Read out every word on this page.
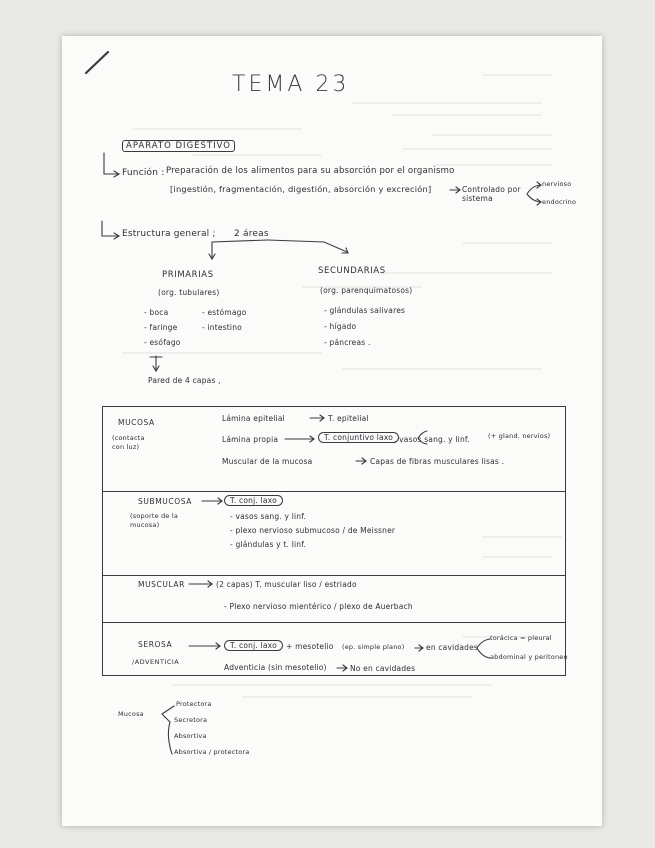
TEMA 23
APARATO DIGESTIVO
Función : Preparación de los alimentos para su absorción por el organismo
[ingestión, fragmentación, digestión, absorción y excreción]	Controlado por sistema
nervioso
endocrino
Estructura general ; 2 áreas
PRIMARIAS
(org. tubulares)
- boca
- faringe
- esófago
- estómago
- intestino
SECUNDARIAS
(org. parenquimatosos)
- glándulas salivares
- hígado
- páncreas .
Pared de 4 capas ,
MUCOSA
(contacta con luz)
Lámina epitelial	T. epitelial
Lámina propia	T. conjuntivo laxo , vasos sang. y linf.	(+ gland. nervios)
Muscular de la mucosa	Capas de fibras musculares lisas .
SUBMUCOSA
(soporte de la mucosa)
T. conj. laxo
- vasos sang. y linf.
- plexo nervioso submucoso / de Meissner
- glándulas y t. linf.
MUSCULAR	(2 capas) T. muscular liso / estriado
- Plexo nervioso mientérico / plexo de Auerbach
SEROSA
/ADVENTICIA
T. conj. laxo	+ mesotelio (ep. simple plano)	en cavidades
torácica = pleural
abdominal y peritoneo
Adventicia (sin mesotelio)	No en cavidades
Mucosa
Protectora
Secretora
Absortiva
Absortiva / protectora
